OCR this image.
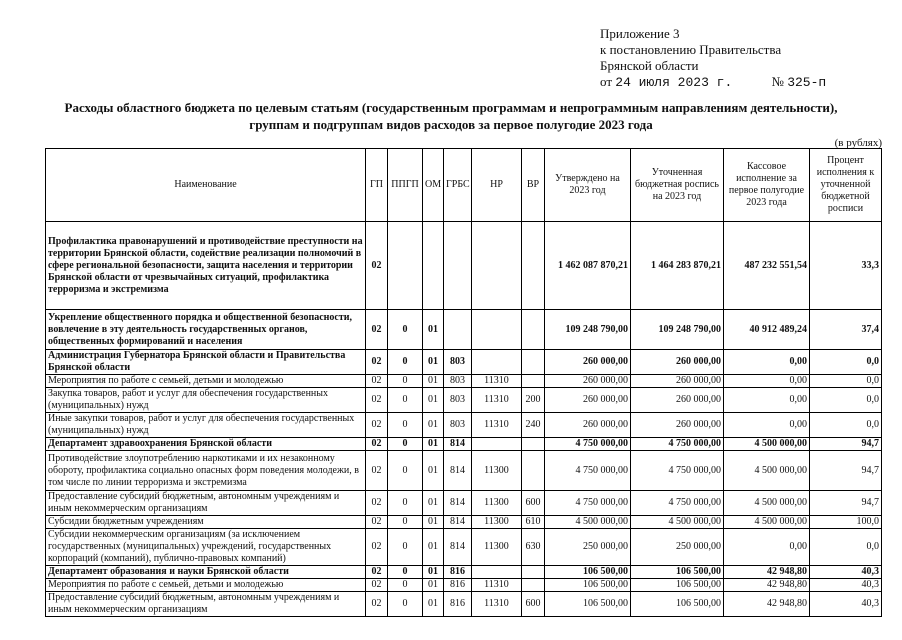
Приложение 3
к постановлению Правительства
Брянской области
от 24 июля 2023 г.	№ 325-п
Расходы областного бюджета по целевым статьям (государственным программам и непрограммным направлениям деятельности),
группам и подгруппам видов расходов за первое полугодие 2023 года
(в рублях)
Наименование	ГП	ППГП	ОМ	ГРБС	НР	ВР	Утверждено на 2023 год	Уточненная бюджетная роспись на 2023 год	Кассовое исполнение за первое полугодие 2023 года	Процент исполнения к уточненной бюджетной росписи
Профилактика правонарушений и противодействие преступности на территории Брянской области, содействие реализации полномочий в сфере региональной безопасности, защита населения и территории Брянской области от чрезвычайных ситуаций, профилактика терроризма и экстремизма	02						1 462 087 870,21	1 464 283 870,21	487 232 551,54	33,3
Укрепление общественного порядка и общественной безопасности, вовлечение в эту деятельность государственных органов, общественных формирований и населения	02	0	01				109 248 790,00	109 248 790,00	40 912 489,24	37,4
Администрация Губернатора Брянской области и Правительства Брянской области	02	0	01	803			260 000,00	260 000,00	0,00	0,0
Мероприятия по работе с семьей, детьми и молодежью	02	0	01	803	11310		260 000,00	260 000,00	0,00	0,0
Закупка товаров, работ и услуг для обеспечения государственных (муниципальных) нужд	02	0	01	803	11310	200	260 000,00	260 000,00	0,00	0,0
Иные закупки товаров, работ и услуг для обеспечения государственных (муниципальных) нужд	02	0	01	803	11310	240	260 000,00	260 000,00	0,00	0,0
Департамент здравоохранения Брянской области	02	0	01	814			4 750 000,00	4 750 000,00	4 500 000,00	94,7
Противодействие злоупотреблению наркотиками и их незаконному обороту, профилактика социально опасных форм поведения молодежи, в том числе по линии терроризма и экстремизма	02	0	01	814	11300		4 750 000,00	4 750 000,00	4 500 000,00	94,7
Предоставление субсидий бюджетным, автономным учреждениям и иным некоммерческим организациям	02	0	01	814	11300	600	4 750 000,00	4 750 000,00	4 500 000,00	94,7
Субсидии бюджетным учреждениям	02	0	01	814	11300	610	4 500 000,00	4 500 000,00	4 500 000,00	100,0
Субсидии некоммерческим организациям (за исключением государственных (муниципальных) учреждений, государственных корпораций (компаний), публично-правовых компаний)	02	0	01	814	11300	630	250 000,00	250 000,00	0,00	0,0
Департамент образования и науки Брянской области	02	0	01	816			106 500,00	106 500,00	42 948,80	40,3
Мероприятия по работе с семьей, детьми и молодежью	02	0	01	816	11310		106 500,00	106 500,00	42 948,80	40,3
Предоставление субсидий бюджетным, автономным учреждениям и иным некоммерческим организациям	02	0	01	816	11310	600	106 500,00	106 500,00	42 948,80	40,3
